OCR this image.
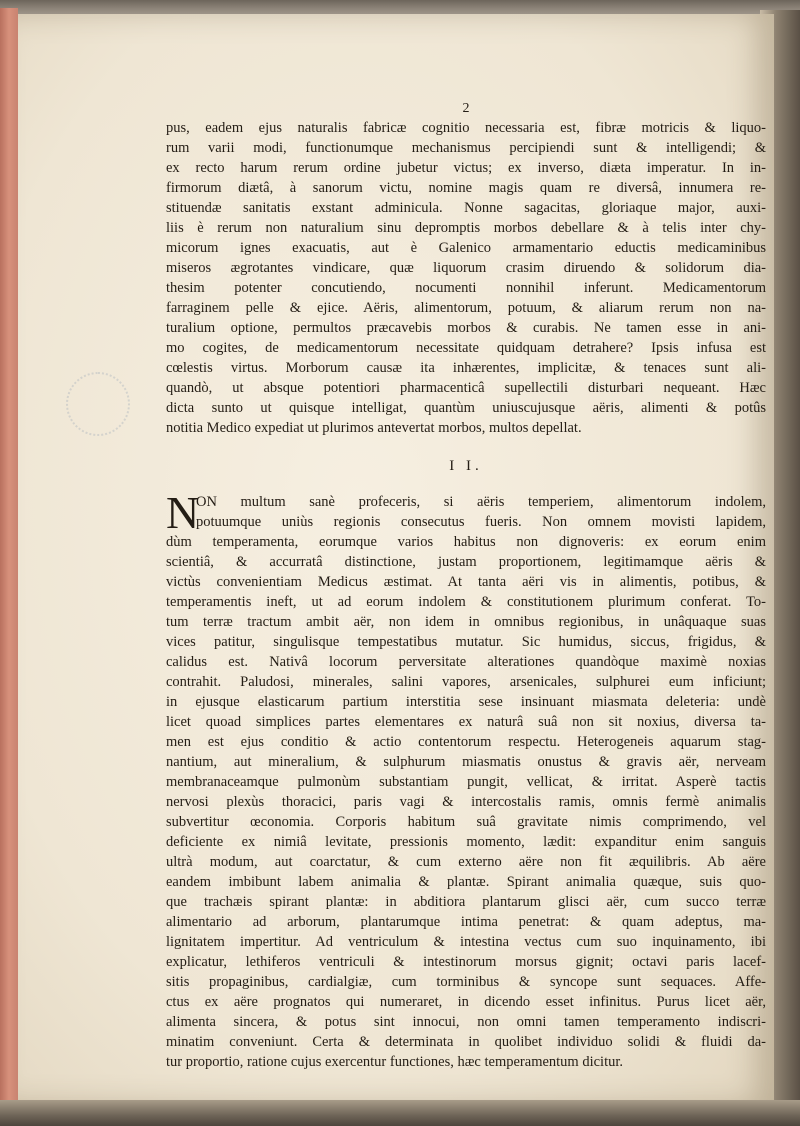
2
pus, eadem ejus naturalis fabricæ cognitio necessaria est, fibræ motricis & liquo-
rum varii modi, functionumque mechanismus percipiendi sunt & intelligendi; &
ex recto harum rerum ordine jubetur victus; ex inverso, diæta imperatur. In in-
firmorum diætâ, à sanorum victu, nomine magis quam re diversâ, innumera re-
stituendæ sanitatis exstant adminicula. Nonne sagacitas, gloriaque major, auxi-
liis è rerum non naturalium sinu depromptis morbos debellare & à telis inter chy-
micorum ignes exacuatis, aut è Galenico armamentario eductis medicaminibus
miseros ægrotantes vindicare, quæ liquorum crasim diruendo & solidorum dia-
thesim potenter concutiendo, nocumenti nonnihil inferunt. Medicamentorum
farraginem pelle & ejice. Aëris, alimentorum, potuum, & aliarum rerum non na-
turalium optione, permultos præcavebis morbos & curabis. Ne tamen esse in ani-
mo cogites, de medicamentorum necessitate quidquam detrahere? Ipsis infusa est
cœlestis virtus. Morborum causæ ita inhærentes, implicitæ, & tenaces sunt ali-
quandò, ut absque potentiori pharmacenticâ supellectili disturbari nequeant. Hæc
dicta sunto ut quisque intelligat, quantùm uniuscujusque aëris, alimenti & potûs
notitia Medico expediat ut plurimos antevertat morbos, multos depellat.
I I.
N
ON multum sanè profeceris, si aëris temperiem, alimentorum indolem,
potuumque uniùs regionis consecutus fueris. Non omnem movisti lapidem,
dùm temperamenta, eorumque varios habitus non dignoveris: ex eorum enim
scientiâ, & accurratâ distinctione, justam proportionem, legitimamque aëris &
victùs convenientiam Medicus æstimat. At tanta aëri vis in alimentis, potibus, &
temperamentis ineft, ut ad eorum indolem & constitutionem plurimum conferat. To-
tum terræ tractum ambit aër, non idem in omnibus regionibus, in unâquaque suas
vices patitur, singulisque tempestatibus mutatur. Sic humidus, siccus, frigidus, &
calidus est. Nativâ locorum perversitate alterationes quandòque maximè noxias
contrahit. Paludosi, minerales, salini vapores, arsenicales, sulphurei eum inficiunt;
in ejusque elasticarum partium interstitia sese insinuant miasmata deleteria: undè
licet quoad simplices partes elementares ex naturâ suâ non sit noxius, diversa ta-
men est ejus conditio & actio contentorum respectu. Heterogeneis aquarum stag-
nantium, aut mineralium, & sulphurum miasmatis onustus & gravis aër, nerveam
membranaceamque pulmonùm substantiam pungit, vellicat, & irritat. Asperè tactis
nervosi plexùs thoracici, paris vagi & intercostalis ramis, omnis fermè animalis
subvertitur œconomia. Corporis habitum suâ gravitate nimis comprimendo, vel
deficiente ex nimiâ levitate, pressionis momento, lædit: expanditur enim sanguis
ultrà modum, aut coarctatur, & cum externo aëre non fit æquilibris. Ab aëre
eandem imbibunt labem animalia & plantæ. Spirant animalia quæque, suis quo-
que trachæis spirant plantæ: in abditiora plantarum glisci aër, cum succo terræ
alimentario ad arborum, plantarumque intima penetrat: & quam adeptus, ma-
lignitatem impertitur. Ad ventriculum & intestina vectus cum suo inquinamento, ibi
explicatur, lethiferos ventriculi & intestinorum morsus gignit; octavi paris lacef-
sitis propaginibus, cardialgiæ, cum torminibus & syncope sunt sequaces. Affe-
ctus ex aëre prognatos qui numeraret, in dicendo esset infinitus. Purus licet aër,
alimenta sincera, & potus sint innocui, non omni tamen temperamento indiscri-
minatim conveniunt. Certa & determinata in quolibet individuo solidi & fluidi da-
tur proportio, ratione cujus exercentur functiones, hæc temperamentum dicitur.
